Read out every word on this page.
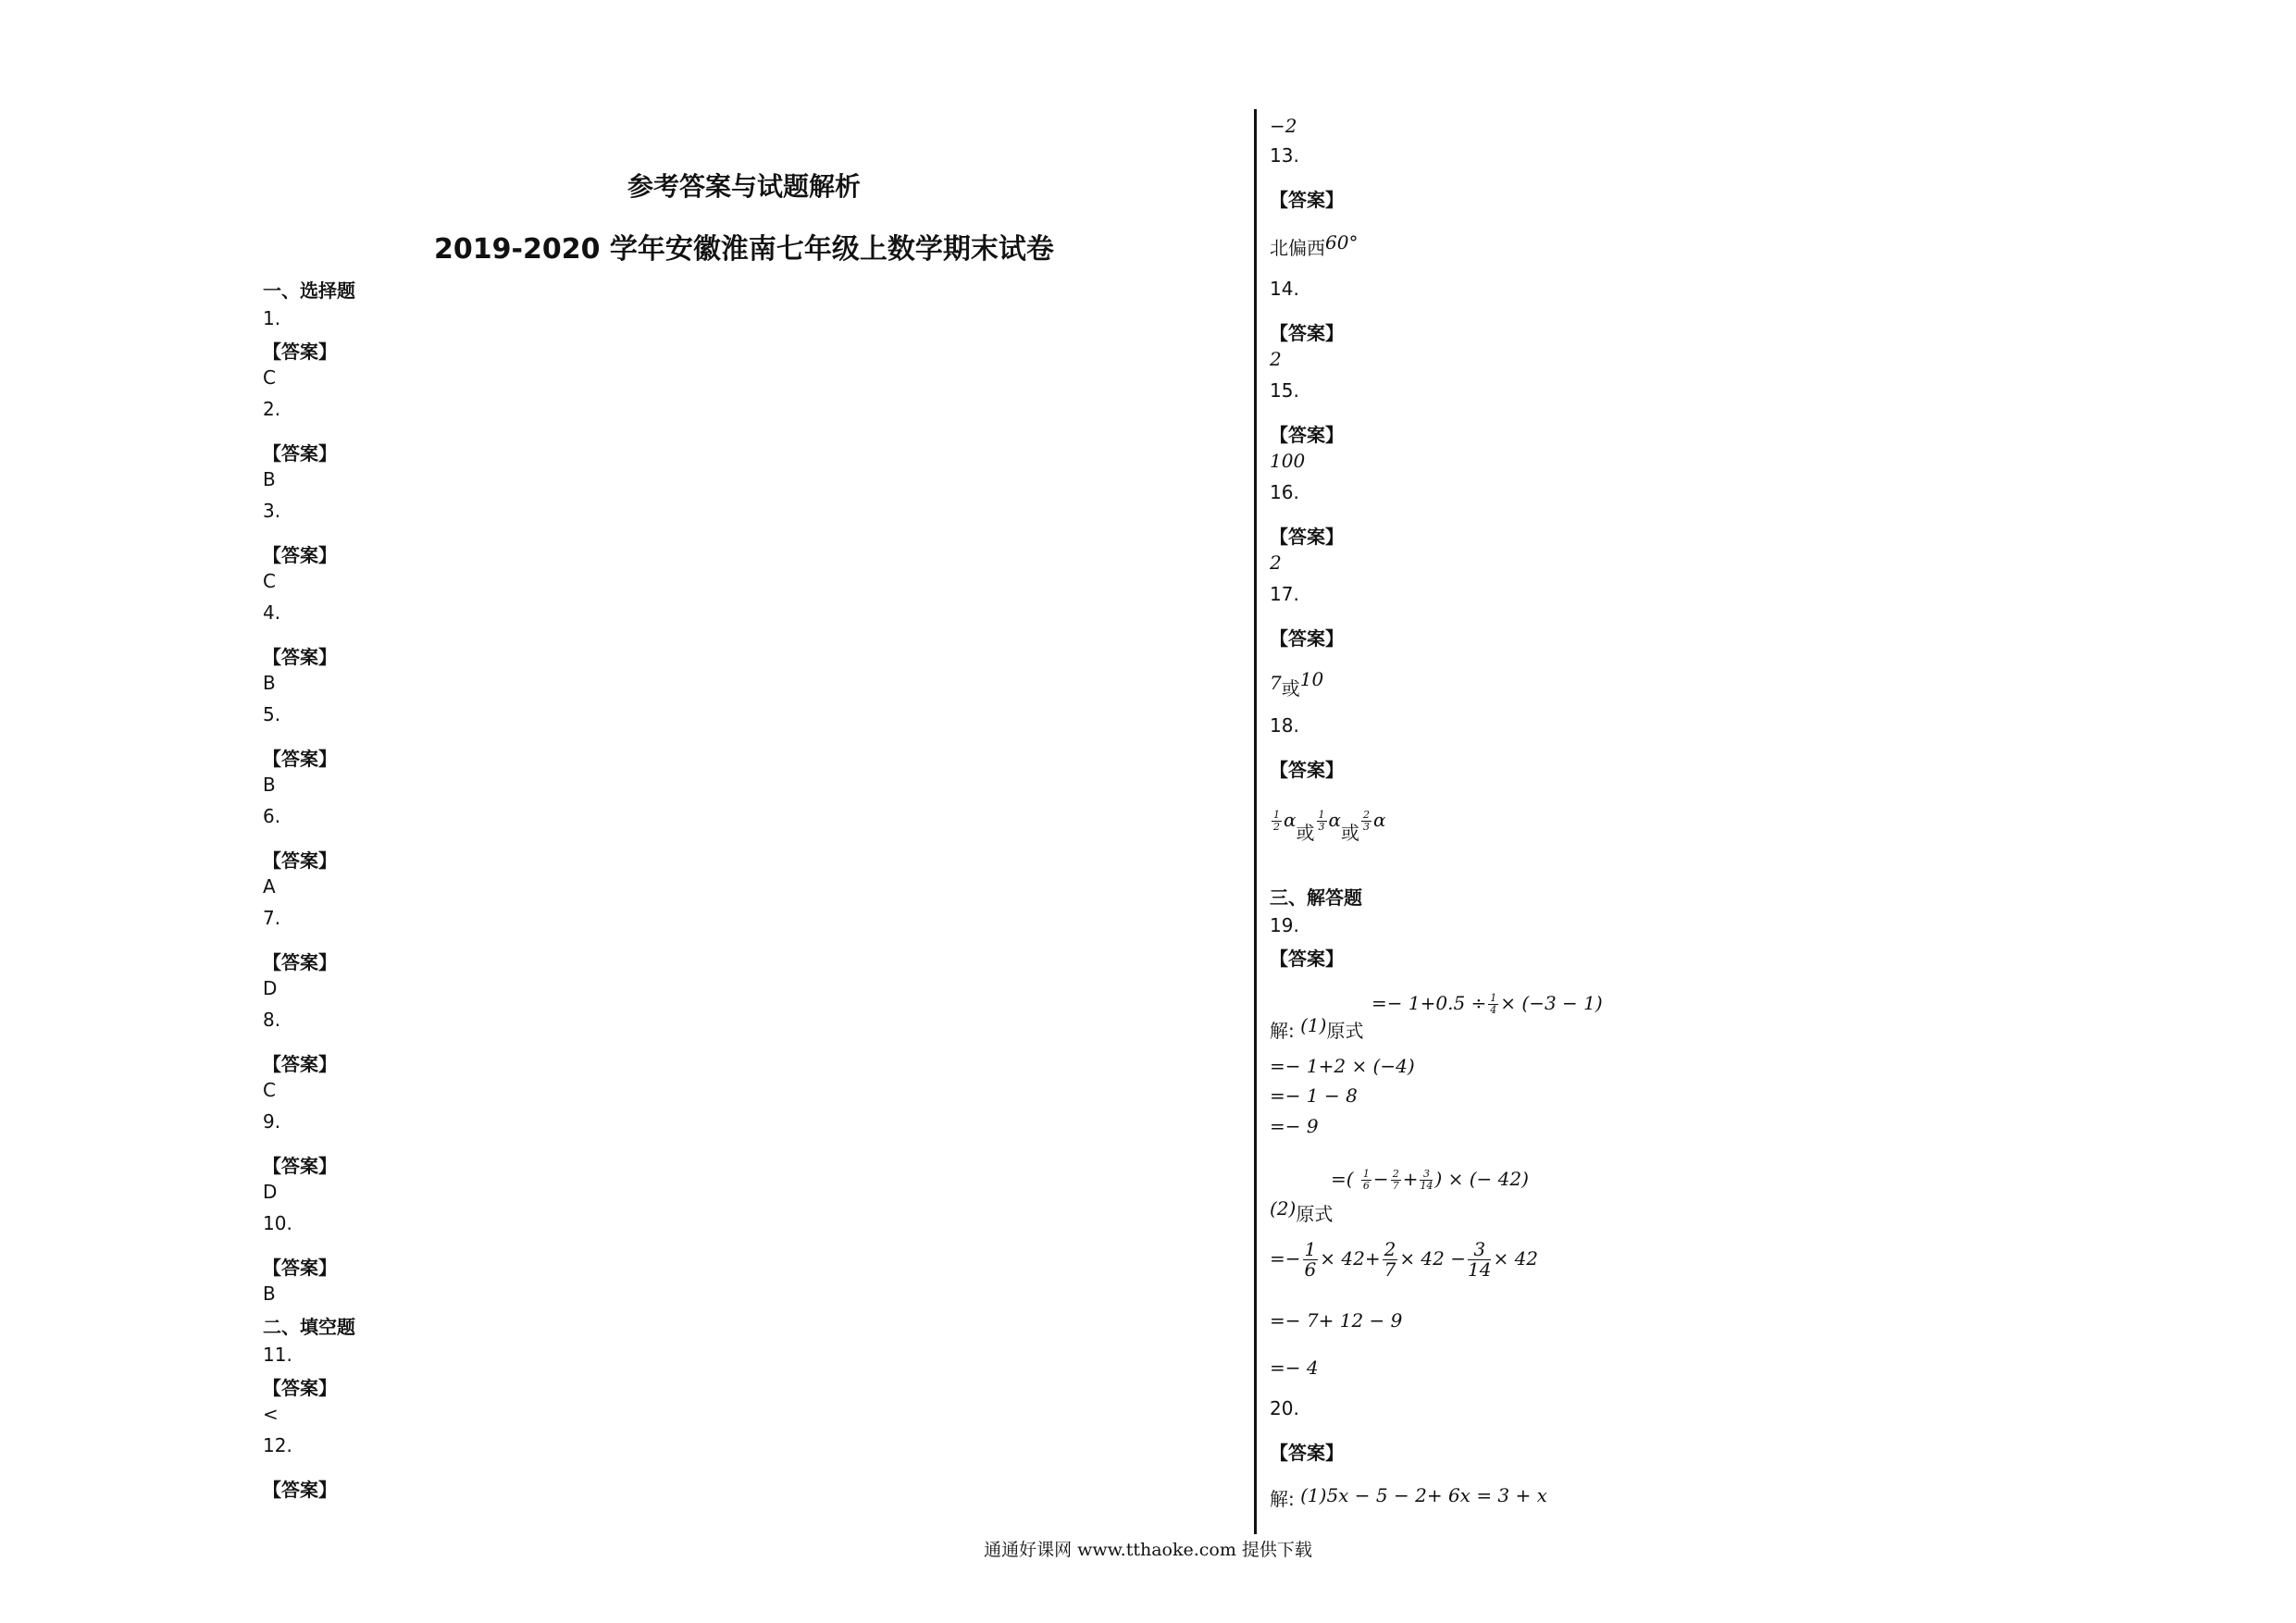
参考答案与试题解析
2019-2020 学年安徽淮南七年级上数学期末试卷
一、选择题
1.
【答案】
C
2.
【答案】
B
3.
【答案】
C
4.
【答案】
B
5.
【答案】
B
6.
【答案】
A
7.
【答案】
D
8.
【答案】
C
9.
【答案】
D
10.
【答案】
B
二、填空题
11.
【答案】
<
12.
【答案】
−2
13.
【答案】
北偏西60°
14.
【答案】
2
15.
【答案】
100
16.
【答案】
2
17.
【答案】
7或10
18.
【答案】
$\frac{1}{2}$ α或
$\frac{1}{3}$ α或
$\frac{2}{3}$ α
三、解答题
19.
【答案】
解: (1)原式
=− $1+0.5 \div \frac{1}{4} \times (-3 - 1)$
=− 1+2 × (−4)
=− 1 − 8
=− 9
(2)原式
=( $\frac{1}{6} - \frac{2}{7} + \frac{3}{14}$ ) × (− 42)
=− $\frac{1}{6} \times 42+ \frac{2}{7} \times 42 - \frac{3}{14} \times 42$
=− 7+ 12 − 9
=− 4
20.
【答案】
解: (1)5x − 5 − 2+ 6x = 3 + x
通通好课网 www.tthaoke.com 提供下载
